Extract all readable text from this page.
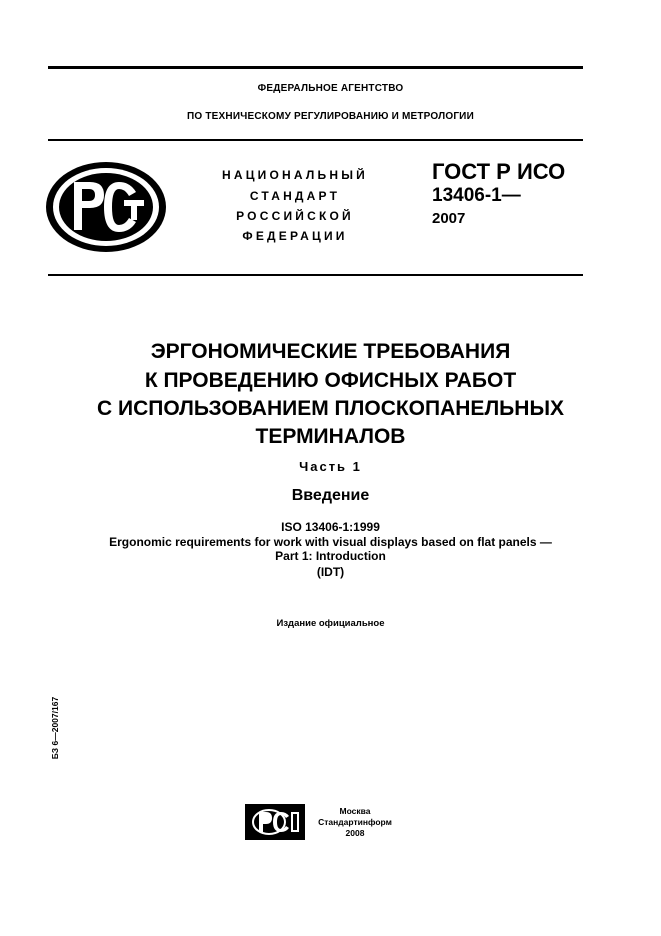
ФЕДЕРАЛЬНОЕ АГЕНТСТВО
ПО ТЕХНИЧЕСКОМУ РЕГУЛИРОВАНИЮ И МЕТРОЛОГИИ
НАЦИОНАЛЬНЫЙ
СТАНДАРТ
РОССИЙСКОЙ
ФЕДЕРАЦИИ
ГОСТ Р ИСО
13406-1—
2007
ЭРГОНОМИЧЕСКИЕ ТРЕБОВАНИЯ
К ПРОВЕДЕНИЮ ОФИСНЫХ РАБОТ
С ИСПОЛЬЗОВАНИЕМ ПЛОСКОПАНЕЛЬНЫХ
ТЕРМИНАЛОВ
Часть 1
Введение
ISO 13406-1:1999
Ergonomic requirements for work with visual displays based on flat panels —
Part 1: Introduction
(IDT)
Издание официальное
БЗ 6—2007/167
Москва
Стандартинформ
2008
